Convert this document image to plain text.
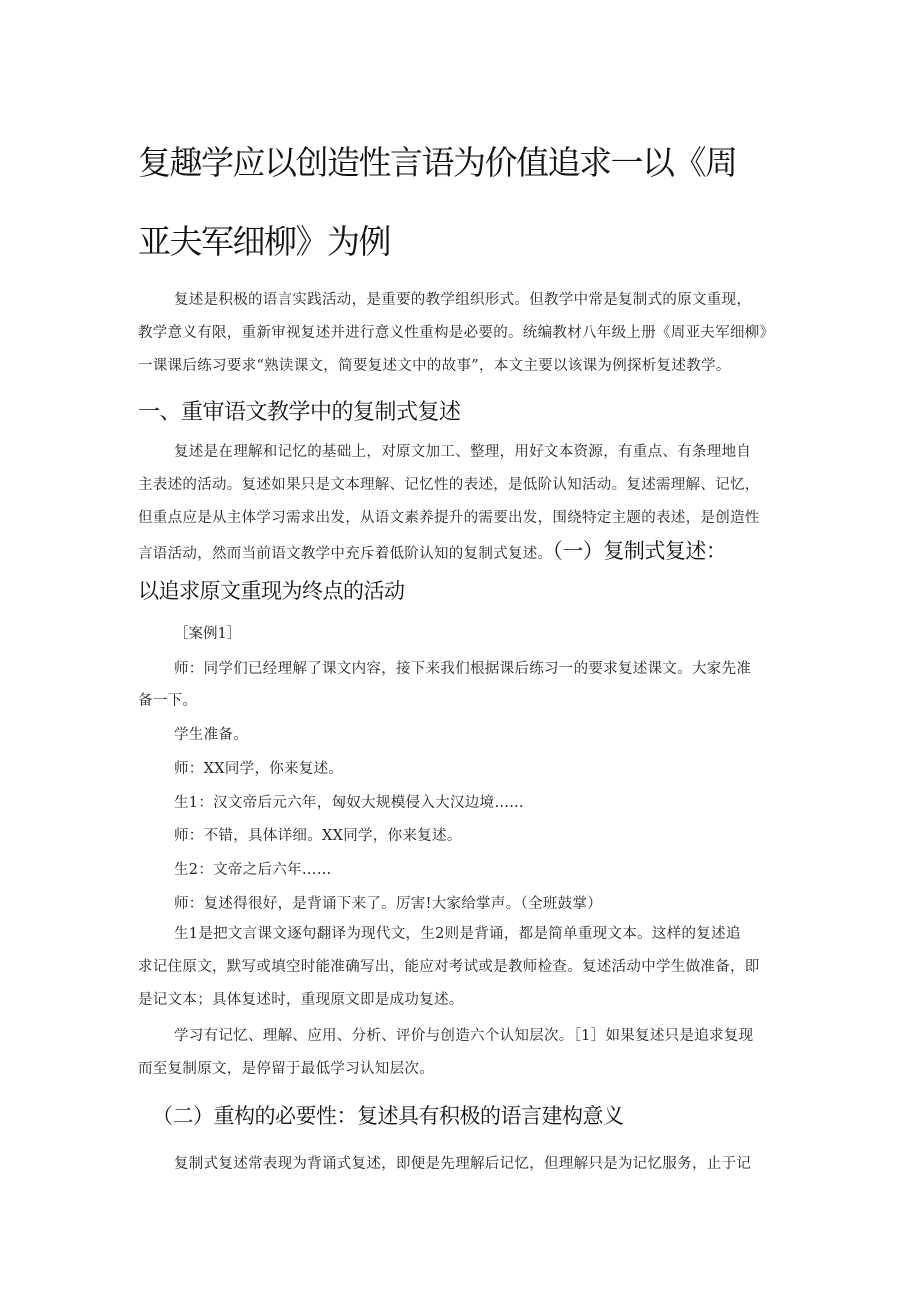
复趣学应以创造性言语为价值追求一以《周
亚夫军细柳》为例
复述是积极的语言实践活动，是重要的教学组织形式。但教学中常是复制式的原文重现，
教学意义有限，重新审视复述并进行意义性重构是必要的。统编教材八年级上册《周亚夫军细柳》
一课课后练习要求“熟读课文，简要复述文中的故事”，本文主要以该课为例探析复述教学。
一、重审语文教学中的复制式复述
复述是在理解和记忆的基础上，对原文加工、整理，用好文本资源，有重点、有条理地自
主表述的活动。复述如果只是文本理解、记忆性的表述，是低阶认知活动。复述需理解、记忆，
但重点应是从主体学习需求出发，从语文素养提升的需要出发，围绕特定主题的表述，是创造性
言语活动，然而当前语文教学中充斥着低阶认知的复制式复述。（一）复制式复述：
以追求原文重现为终点的活动
［案例1］
师：同学们已经理解了课文内容，接下来我们根据课后练习一的要求复述课文。大家先准
备一下。
学生准备。
师：XX同学，你来复述。
生1：汉文帝后元六年，匈奴大规模侵入大汉边境……
师：不错，具体详细。XX同学，你来复述。
生2：文帝之后六年……
师：复述得很好，是背诵下来了。厉害!大家给掌声。（全班鼓掌）
生1是把文言课文逐句翻译为现代文，生2则是背诵，都是简单重现文本。这样的复述追
求记住原文，默写或填空时能准确写出，能应对考试或是教师检查。复述活动中学生做准备，即
是记文本；具体复述时，重现原文即是成功复述。
学习有记忆、理解、应用、分析、评价与创造六个认知层次。［1］如果复述只是追求复现
而至复制原文，是停留于最低学习认知层次。
（二）重构的必要性：复述具有积极的语言建构意义
复制式复述常表现为背诵式复述，即便是先理解后记忆，但理解只是为记忆服务，止于记
